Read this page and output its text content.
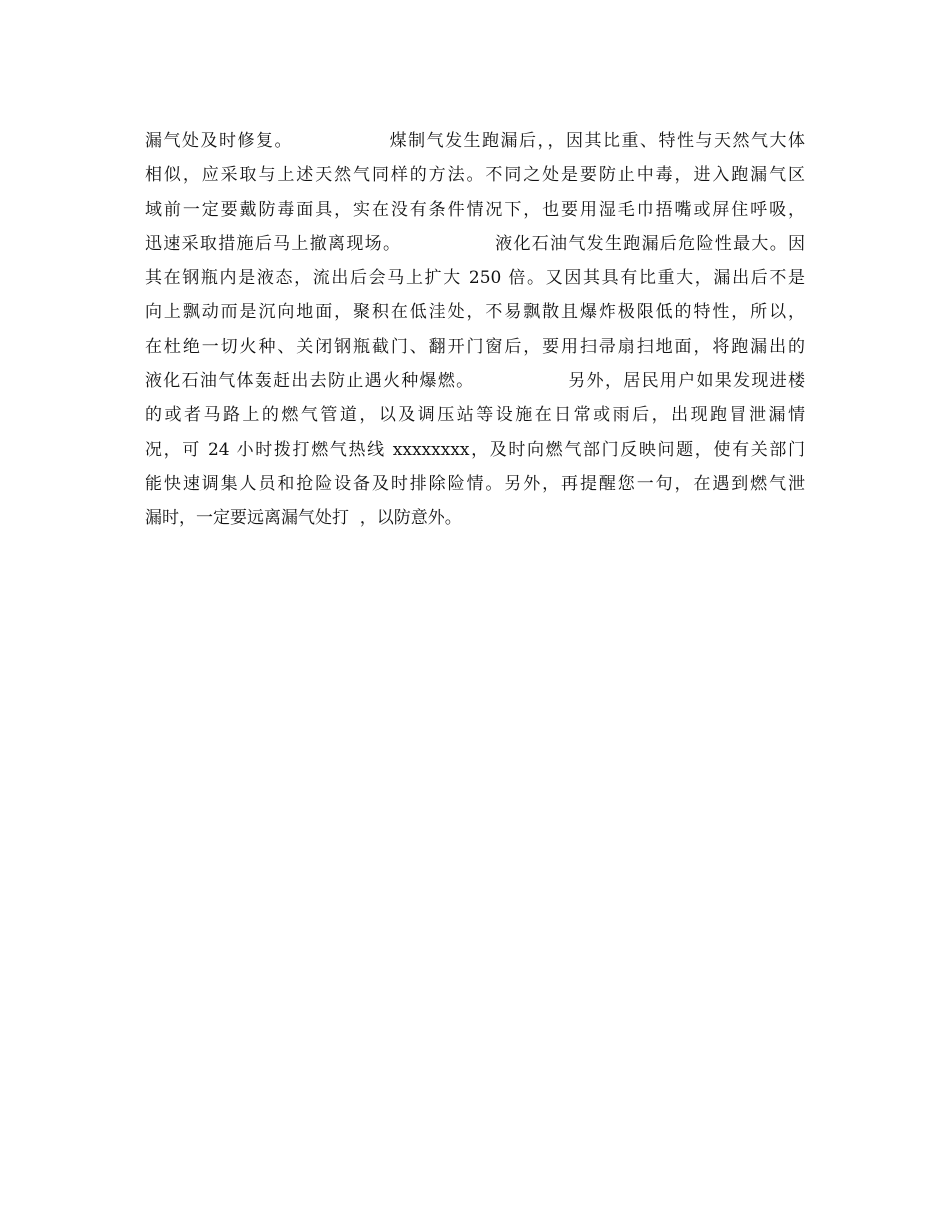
漏气处及时修复。              煤制气发生跑漏后，，因其比重、特性与天然气大体
相似，应采取与上述天然气同样的方法。不同之处是要防止中毒，进入跑漏气区
域前一定要戴防毒面具，实在没有条件情况下，也要用湿毛巾捂嘴或屏住呼吸，
迅速采取措施后马上撤离现场。              液化石油气发生跑漏后危险性最大。因
其在钢瓶内是液态，流出后会马上扩大 250 倍。又因其具有比重大，漏出后不是
向上飘动而是沉向地面，聚积在低洼处，不易飘散且爆炸极限低的特性，所以，
在杜绝一切火种、关闭钢瓶截门、翻开门窗后，要用扫帚扇扫地面，将跑漏出的
液化石油气体轰赶出去防止遇火种爆燃。              另外，居民用户如果发现进楼
的或者马路上的燃气管道，以及调压站等设施在日常或雨后，出现跑冒泄漏情
况，可 24 小时拨打燃气热线 xxxxxxxx，及时向燃气部门反映问题，使有关部门
能快速调集人员和抢险设备及时排除险情。另外，再提醒您一句，在遇到燃气泄
漏时，一定要远离漏气处打  ，以防意外。
